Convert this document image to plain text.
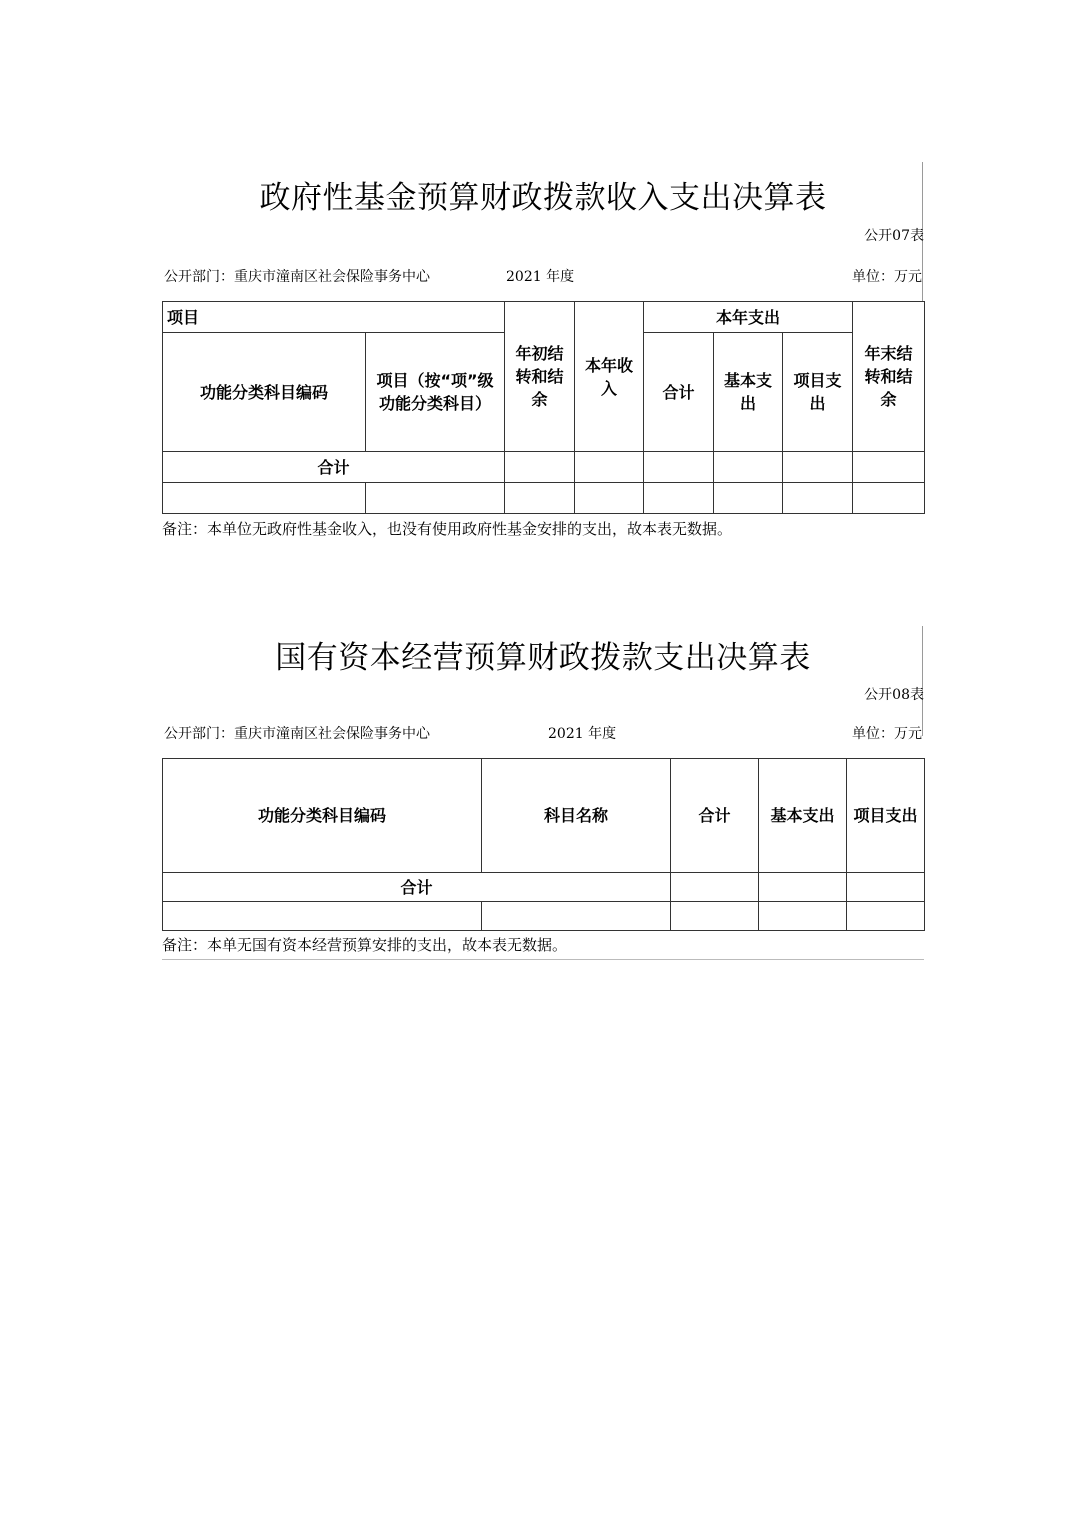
政府性基金预算财政拨款收入支出决算表
公开07表
公开部门：重庆市潼南区社会保险事务中心	2021 年度	单位：万元
项目		年初结转和结余	本年收入	本年支出			年末结转和结余
功能分类科目编码	项目（按“项”级功能分类科目）			合计	基本支出	项目支出	
合计							

备注：本单位无政府性基金收入，也没有使用政府性基金安排的支出，故本表无数据。
国有资本经营预算财政拨款支出决算表
公开08表
公开部门：重庆市潼南区社会保险事务中心	2021 年度	单位：万元
功能分类科目编码	科目名称	合计	基本支出	项目支出
合计				

备注：本单无国有资本经营预算安排的支出，故本表无数据。
